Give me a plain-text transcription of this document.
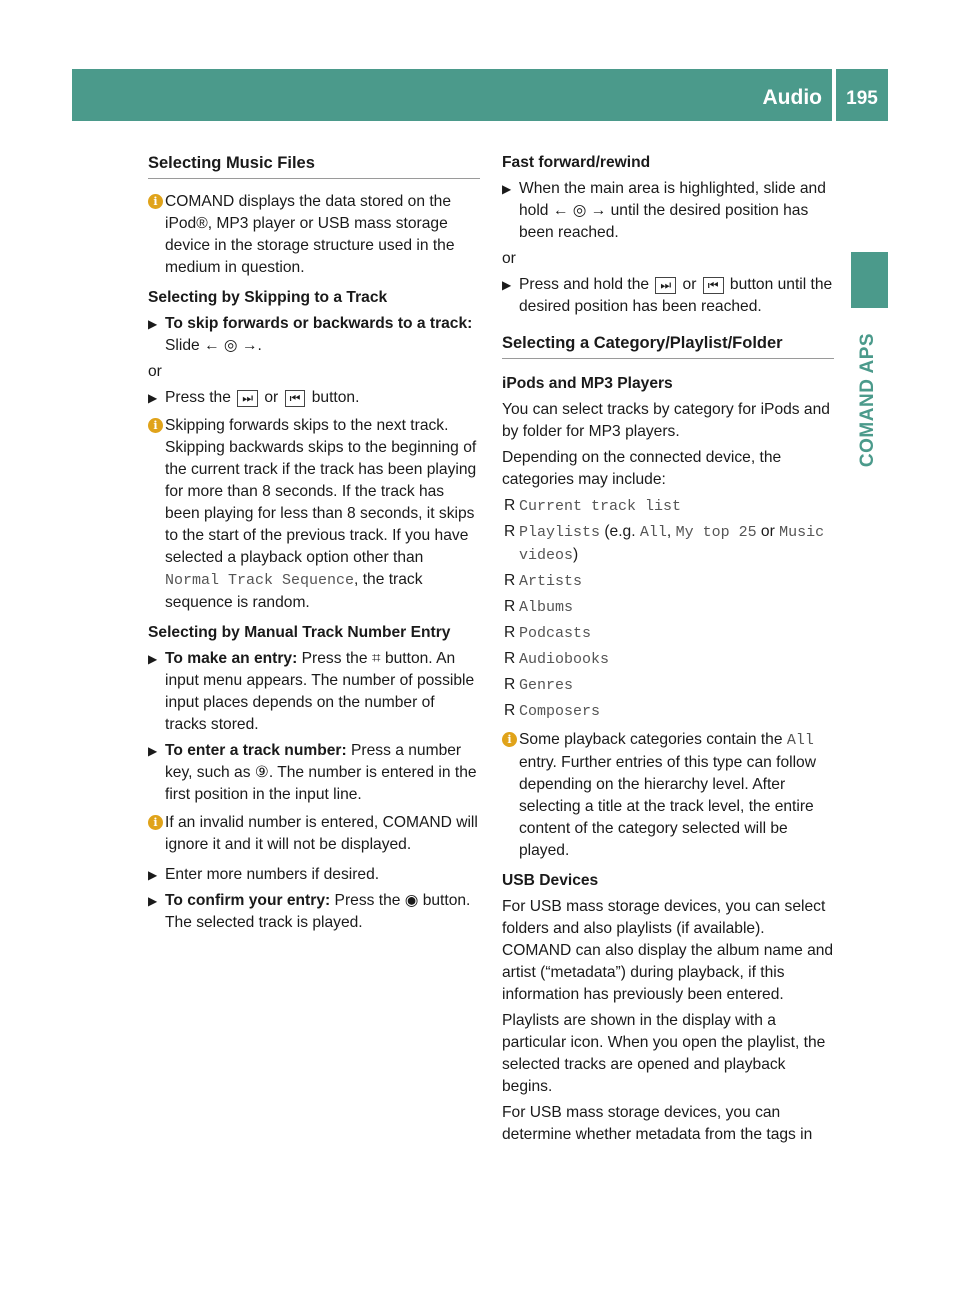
Audio	195
COMAND APS
Selecting Music Files
i COMAND displays the data stored on the iPod®, MP3 player or USB mass storage device in the storage structure used in the medium in question.
Selecting by Skipping to a Track
▶ To skip forwards or backwards to a track: Slide ← ◎ →.
or
▶ Press the ⏭ or ⏮ button.
i Skipping forwards skips to the next track. Skipping backwards skips to the beginning of the current track if the track has been playing for more than 8 seconds. If the track has been playing for less than 8 seconds, it skips to the start of the previous track. If you have selected a playback option other than Normal Track Sequence, the track sequence is random.
Selecting by Manual Track Number Entry
▶ To make an entry: Press the ⌗ button. An input menu appears. The number of possible input places depends on the number of tracks stored.
▶ To enter a track number: Press a number key, such as ⑨. The number is entered in the first position in the input line.
i If an invalid number is entered, COMAND will ignore it and it will not be displayed.
▶ Enter more numbers if desired.
▶ To confirm your entry: Press the ◉ button. The selected track is played.
Fast forward/rewind
▶ When the main area is highlighted, slide and hold ← ◎ → until the desired position has been reached.
or
▶ Press and hold the ⏭ or ⏮ button until the desired position has been reached.
Selecting a Category/Playlist/Folder
iPods and MP3 Players
You can select tracks by category for iPods and by folder for MP3 players.
Depending on the connected device, the categories may include:
R Current track list
R Playlists (e.g. All, My top 25 or Music videos)
R Artists
R Albums
R Podcasts
R Audiobooks
R Genres
R Composers
i Some playback categories contain the All entry. Further entries of this type can follow depending on the hierarchy level. After selecting a title at the track level, the entire content of the category selected will be played.
USB Devices
For USB mass storage devices, you can select folders and also playlists (if available). COMAND can also display the album name and artist (“metadata”) during playback, if this information has previously been entered.
Playlists are shown in the display with a particular icon. When you open the playlist, the selected tracks are opened and playback begins.
For USB mass storage devices, you can determine whether metadata from the tags in
